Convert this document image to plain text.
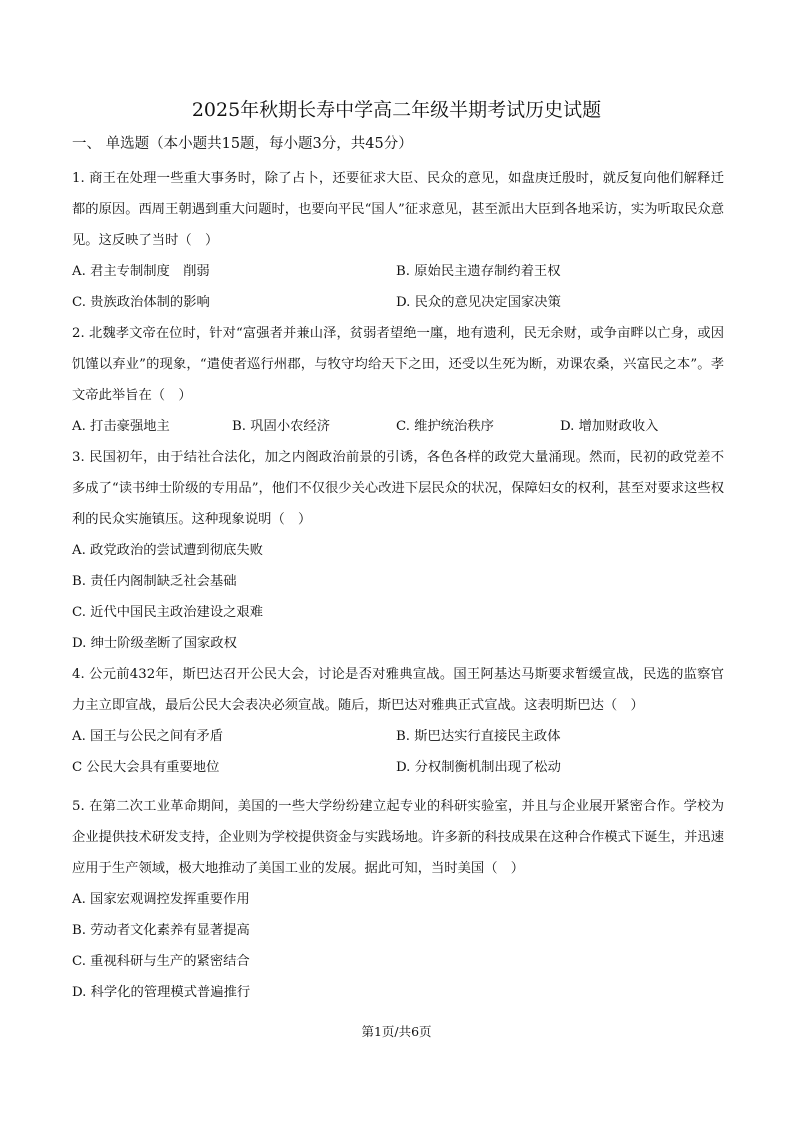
2025年秋期长寿中学高二年级半期考试历史试题
一、 单选题（本小题共15题，每小题3分，共45分）

1. 商王在处理一些重大事务时，除了占卜，还要征求大臣、民众的意见，如盘庚迁殷时，就反复向他们解释迁都的原因。西周王朝遇到重大问题时，也要向平民“国人”征求意见，甚至派出大臣到各地采访，实为听取民众意见。这反映了当时（　）

A. 君主专制制度　削弱	B. 原始民主遗存制约着王权
C. 贵族政治体制的影响	D. 民众的意见决定国家决策

2. 北魏孝文帝在位时，针对“富强者并兼山泽，贫弱者望绝一廛，地有遗利，民无余财，或争亩畔以亡身，或因饥馑以弃业”的现象，“遣使者巡行州郡，与牧守均给天下之田，还受以生死为断，劝课农桑，兴富民之本”。孝文帝此举旨在（　）

A. 打击豪强地主	B. 巩固小农经济	C. 维护统治秩序	D. 增加财政收入

3. 民国初年，由于结社合法化，加之内阁政治前景的引诱，各色各样的政党大量涌现。然而，民初的政党差不多成了“读书绅士阶级的专用品”，他们不仅很少关心改进下层民众的状况，保障妇女的权利，甚至对要求这些权利的民众实施镇压。这种现象说明（　）

A. 政党政治的尝试遭到彻底失败
B. 责任内阁制缺乏社会基础
C. 近代中国民主政治建设之艰难
D. 绅士阶级垄断了国家政权

4. 公元前432年，斯巴达召开公民大会，讨论是否对雅典宣战。国王阿基达马斯要求暂缓宣战，民选的监察官力主立即宣战，最后公民大会表决必须宣战。随后，斯巴达对雅典正式宣战。这表明斯巴达（　）

A. 国王与公民之间有矛盾	B. 斯巴达实行直接民主政体
C 公民大会具有重要地位	D. 分权制衡机制出现了松动

5. 在第二次工业革命期间，美国的一些大学纷纷建立起专业的科研实验室，并且与企业展开紧密合作。学校为企业提供技术研发支持，企业则为学校提供资金与实践场地。许多新的科技成果在这种合作模式下诞生，并迅速应用于生产领域，极大地推动了美国工业的发展。据此可知，当时美国（　）

A. 国家宏观调控发挥重要作用
B. 劳动者文化素养有显著提高
C. 重视科研与生产的紧密结合
D. 科学化的管理模式普遍推行
第1页/共6页
